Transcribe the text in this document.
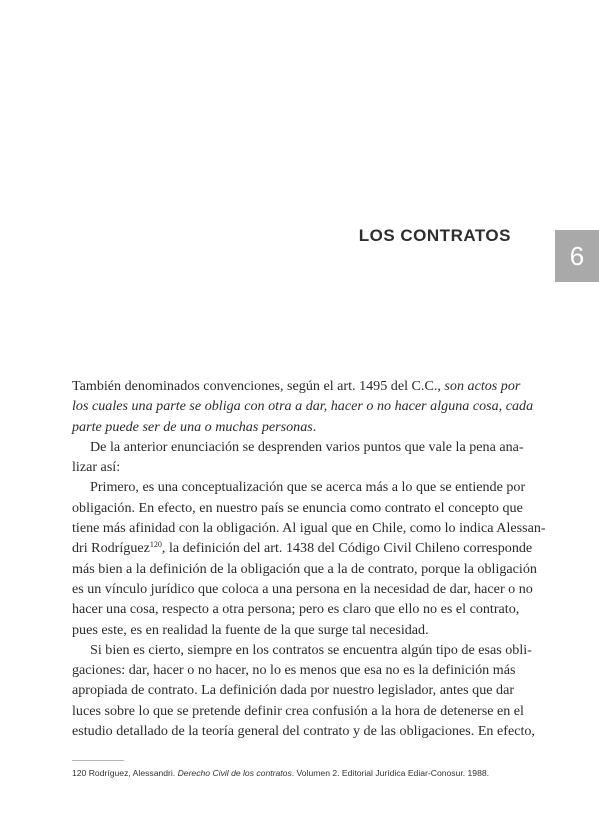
LOS CONTRATOS
6

También denominados convenciones, según el art. 1495 del C.C., son actos por
los cuales una parte se obliga con otra a dar, hacer o no hacer alguna cosa, cada
parte puede ser de una o muchas personas.

De la anterior enunciación se desprenden varios puntos que vale la pena ana-
lizar así:

Primero, es una conceptualización que se acerca más a lo que se entiende por
obligación. En efecto, en nuestro país se enuncia como contrato el concepto que
tiene más afinidad con la obligación. Al igual que en Chile, como lo indica Alessan-
dri Rodríguez$^{120}$, la definición del art. 1438 del Código Civil Chileno corresponde
más bien a la definición de la obligación que a la de contrato, porque la obligación
es un vínculo jurídico que coloca a una persona en la necesidad de dar, hacer o no
hacer una cosa, respecto a otra persona; pero es claro que ello no es el contrato,
pues este, es en realidad la fuente de la que surge tal necesidad.

Si bien es cierto, siempre en los contratos se encuentra algún tipo de esas obli-
gaciones: dar, hacer o no hacer, no lo es menos que esa no es la definición más
apropiada de contrato. La definición dada por nuestro legislador, antes que dar
luces sobre lo que se pretende definir crea confusión a la hora de detenerse en el
estudio detallado de la teoría general del contrato y de las obligaciones. En efecto,

120 Rodríguez, Alessandri. Derecho Civil de los contratos. Volumen 2. Editorial Jurídica Ediar-Conosur. 1988.
